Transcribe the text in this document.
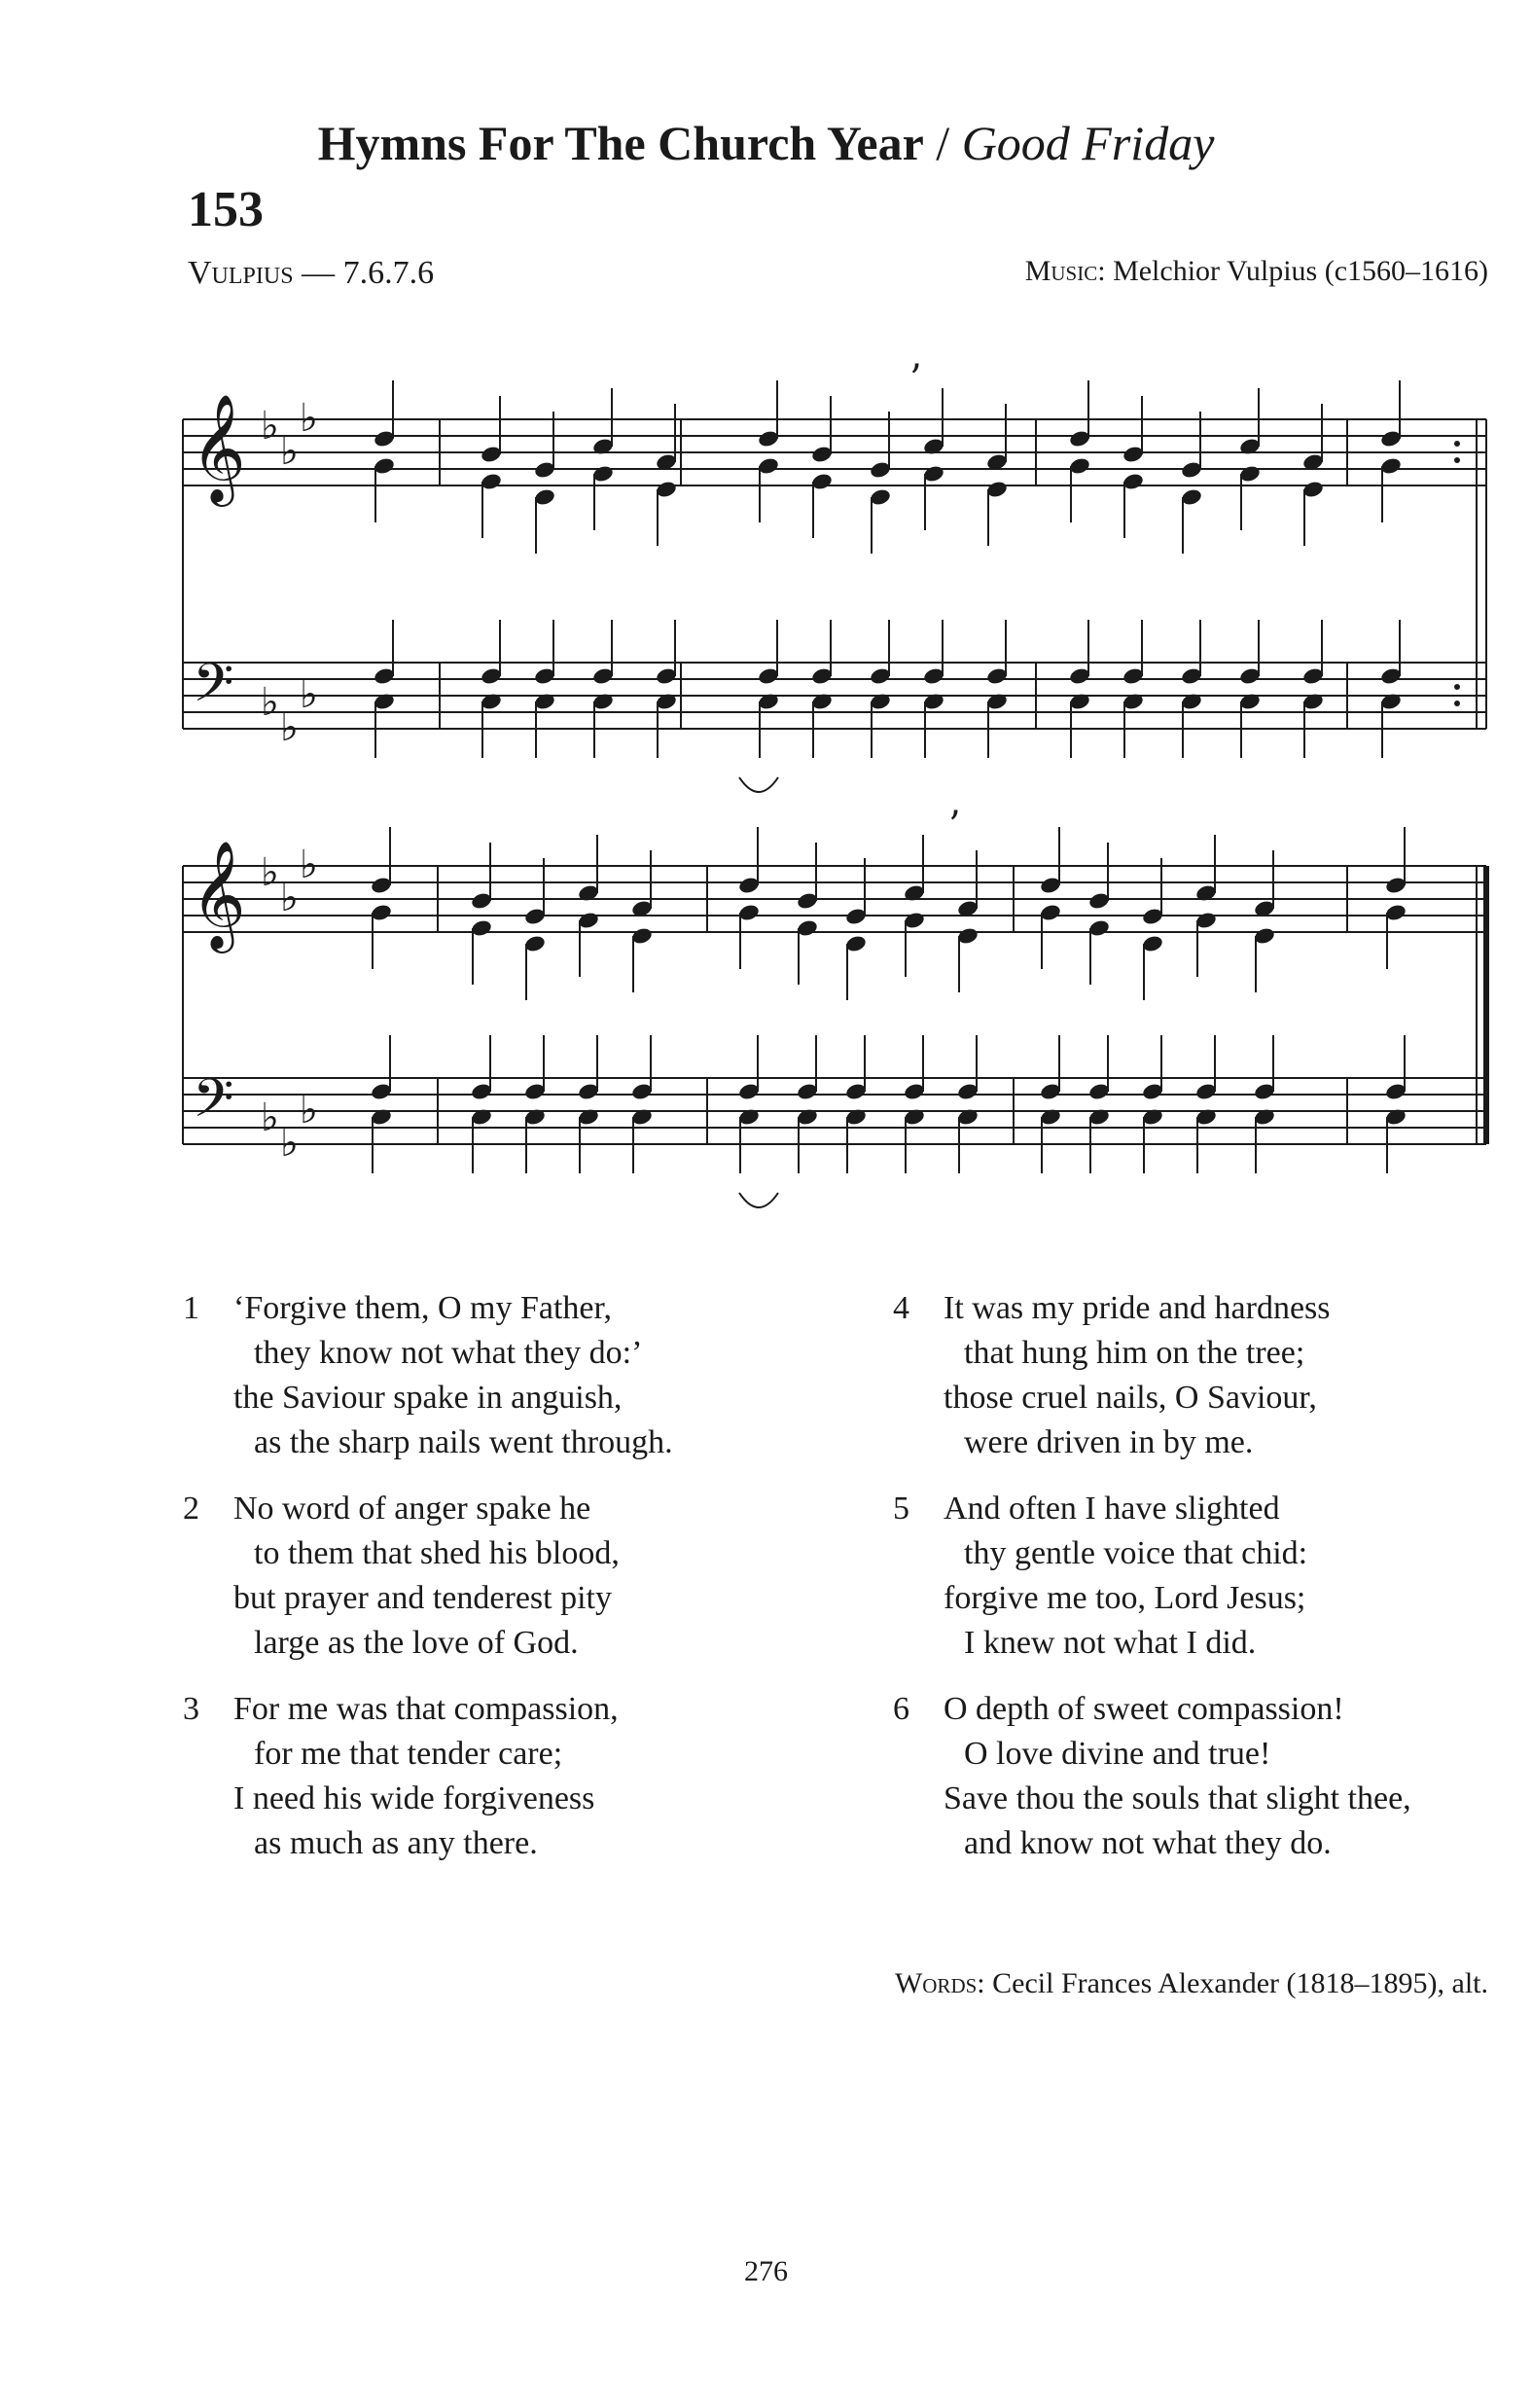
Hymns For The Church Year / Good Friday
153
Vulpius — 7.6.7.6	Music: Melchior Vulpius (c1560–1616)
𝄞
𝄢
♭
♭
♭
♭
♭
♭
’
𝄞
𝄢
♭
♭
♭
♭
♭
♭
’
1	‘Forgive them, O my Father,
they know not what they do:’
the Saviour spake in anguish,
as the sharp nails went through.
2	No word of anger spake he
to them that shed his blood,
but prayer and tenderest pity
large as the love of God.
3	For me was that compassion,
for me that tender care;
I need his wide forgiveness
as much as any there.
4	It was my pride and hardness
that hung him on the tree;
those cruel nails, O Saviour,
were driven in by me.
5	And often I have slighted
thy gentle voice that chid:
forgive me too, Lord Jesus;
I knew not what I did.
6	O depth of sweet compassion!
O love divine and true!
Save thou the souls that slight thee,
and know not what they do.
Words: Cecil Frances Alexander (1818–1895), alt.
276
